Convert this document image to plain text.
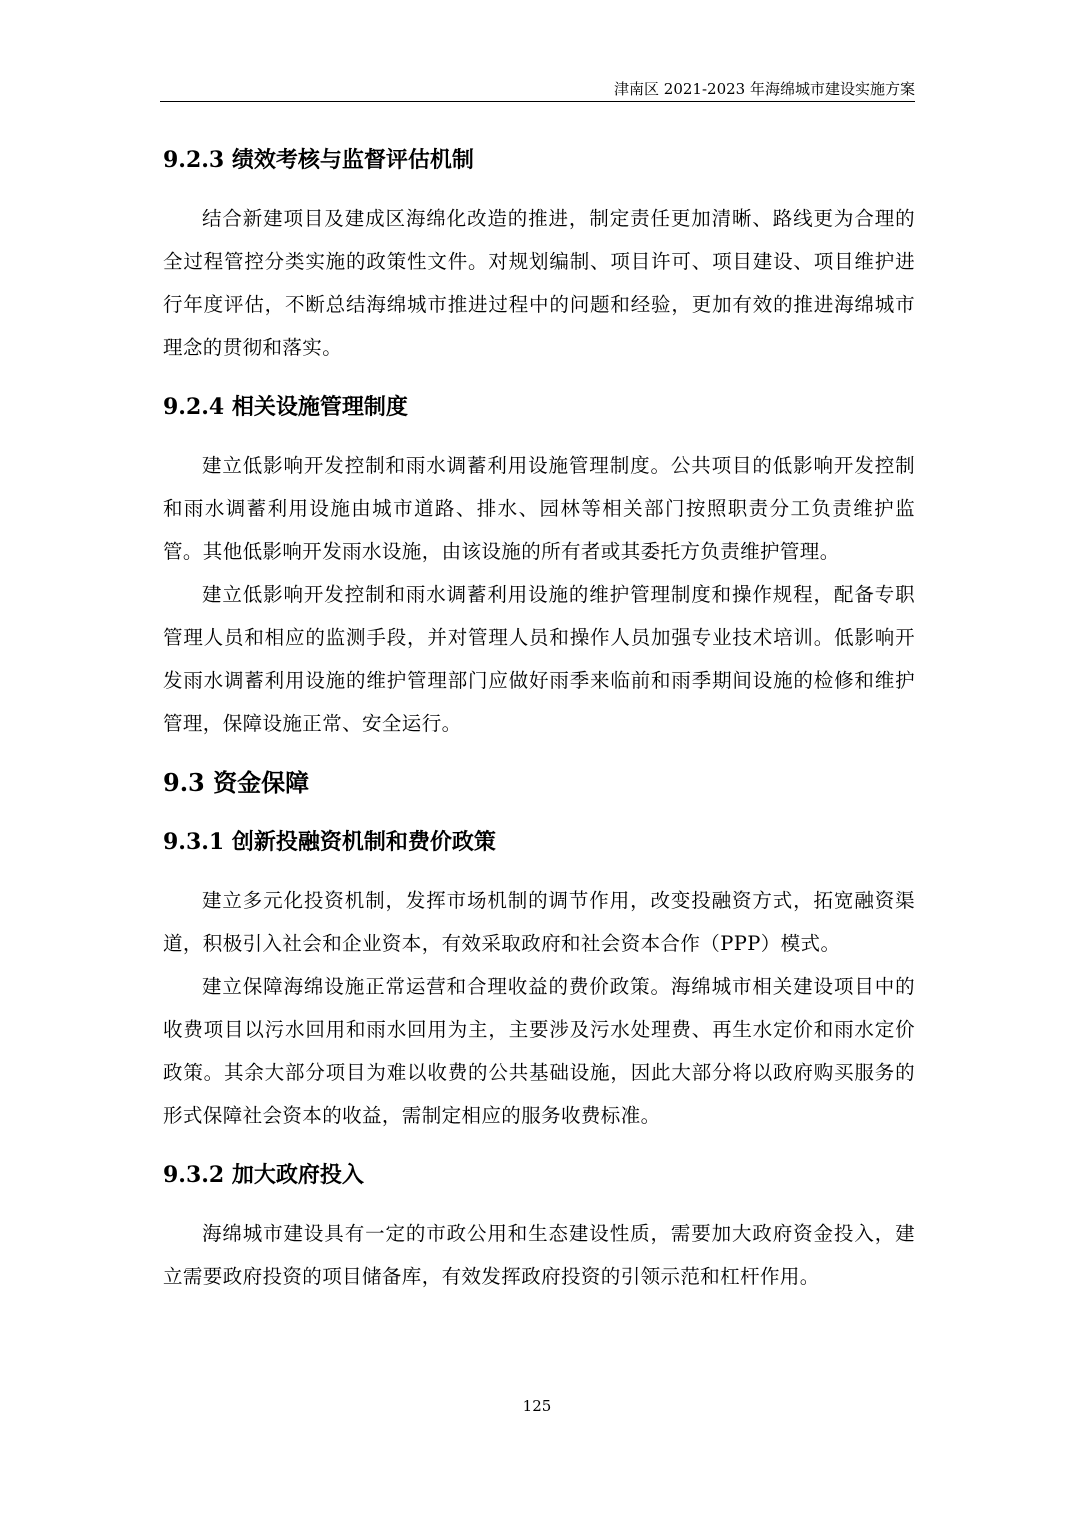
津南区 2021-2023 年海绵城市建设实施方案
9.2.3 绩效考核与监督评估机制

结合新建项目及建成区海绵化改造的推进，制定责任更加清晰、路线更为合理的全过程管控分类实施的政策性文件。对规划编制、项目许可、项目建设、项目维护进行年度评估，不断总结海绵城市推进过程中的问题和经验，更加有效的推进海绵城市理念的贯彻和落实。

9.2.4 相关设施管理制度

建立低影响开发控制和雨水调蓄利用设施管理制度。公共项目的低影响开发控制和雨水调蓄利用设施由城市道路、排水、园林等相关部门按照职责分工负责维护监管。其他低影响开发雨水设施，由该设施的所有者或其委托方负责维护管理。

建立低影响开发控制和雨水调蓄利用设施的维护管理制度和操作规程，配备专职管理人员和相应的监测手段，并对管理人员和操作人员加强专业技术培训。低影响开发雨水调蓄利用设施的维护管理部门应做好雨季来临前和雨季期间设施的检修和维护管理，保障设施正常、安全运行。

9.3 资金保障
9.3.1 创新投融资机制和费价政策

建立多元化投资机制，发挥市场机制的调节作用，改变投融资方式，拓宽融资渠道，积极引入社会和企业资本，有效采取政府和社会资本合作（PPP）模式。

建立保障海绵设施正常运营和合理收益的费价政策。海绵城市相关建设项目中的收费项目以污水回用和雨水回用为主，主要涉及污水处理费、再生水定价和雨水定价政策。其余大部分项目为难以收费的公共基础设施，因此大部分将以政府购买服务的形式保障社会资本的收益，需制定相应的服务收费标准。

9.3.2 加大政府投入

海绵城市建设具有一定的市政公用和生态建设性质，需要加大政府资金投入，建立需要政府投资的项目储备库，有效发挥政府投资的引领示范和杠杆作用。

125
